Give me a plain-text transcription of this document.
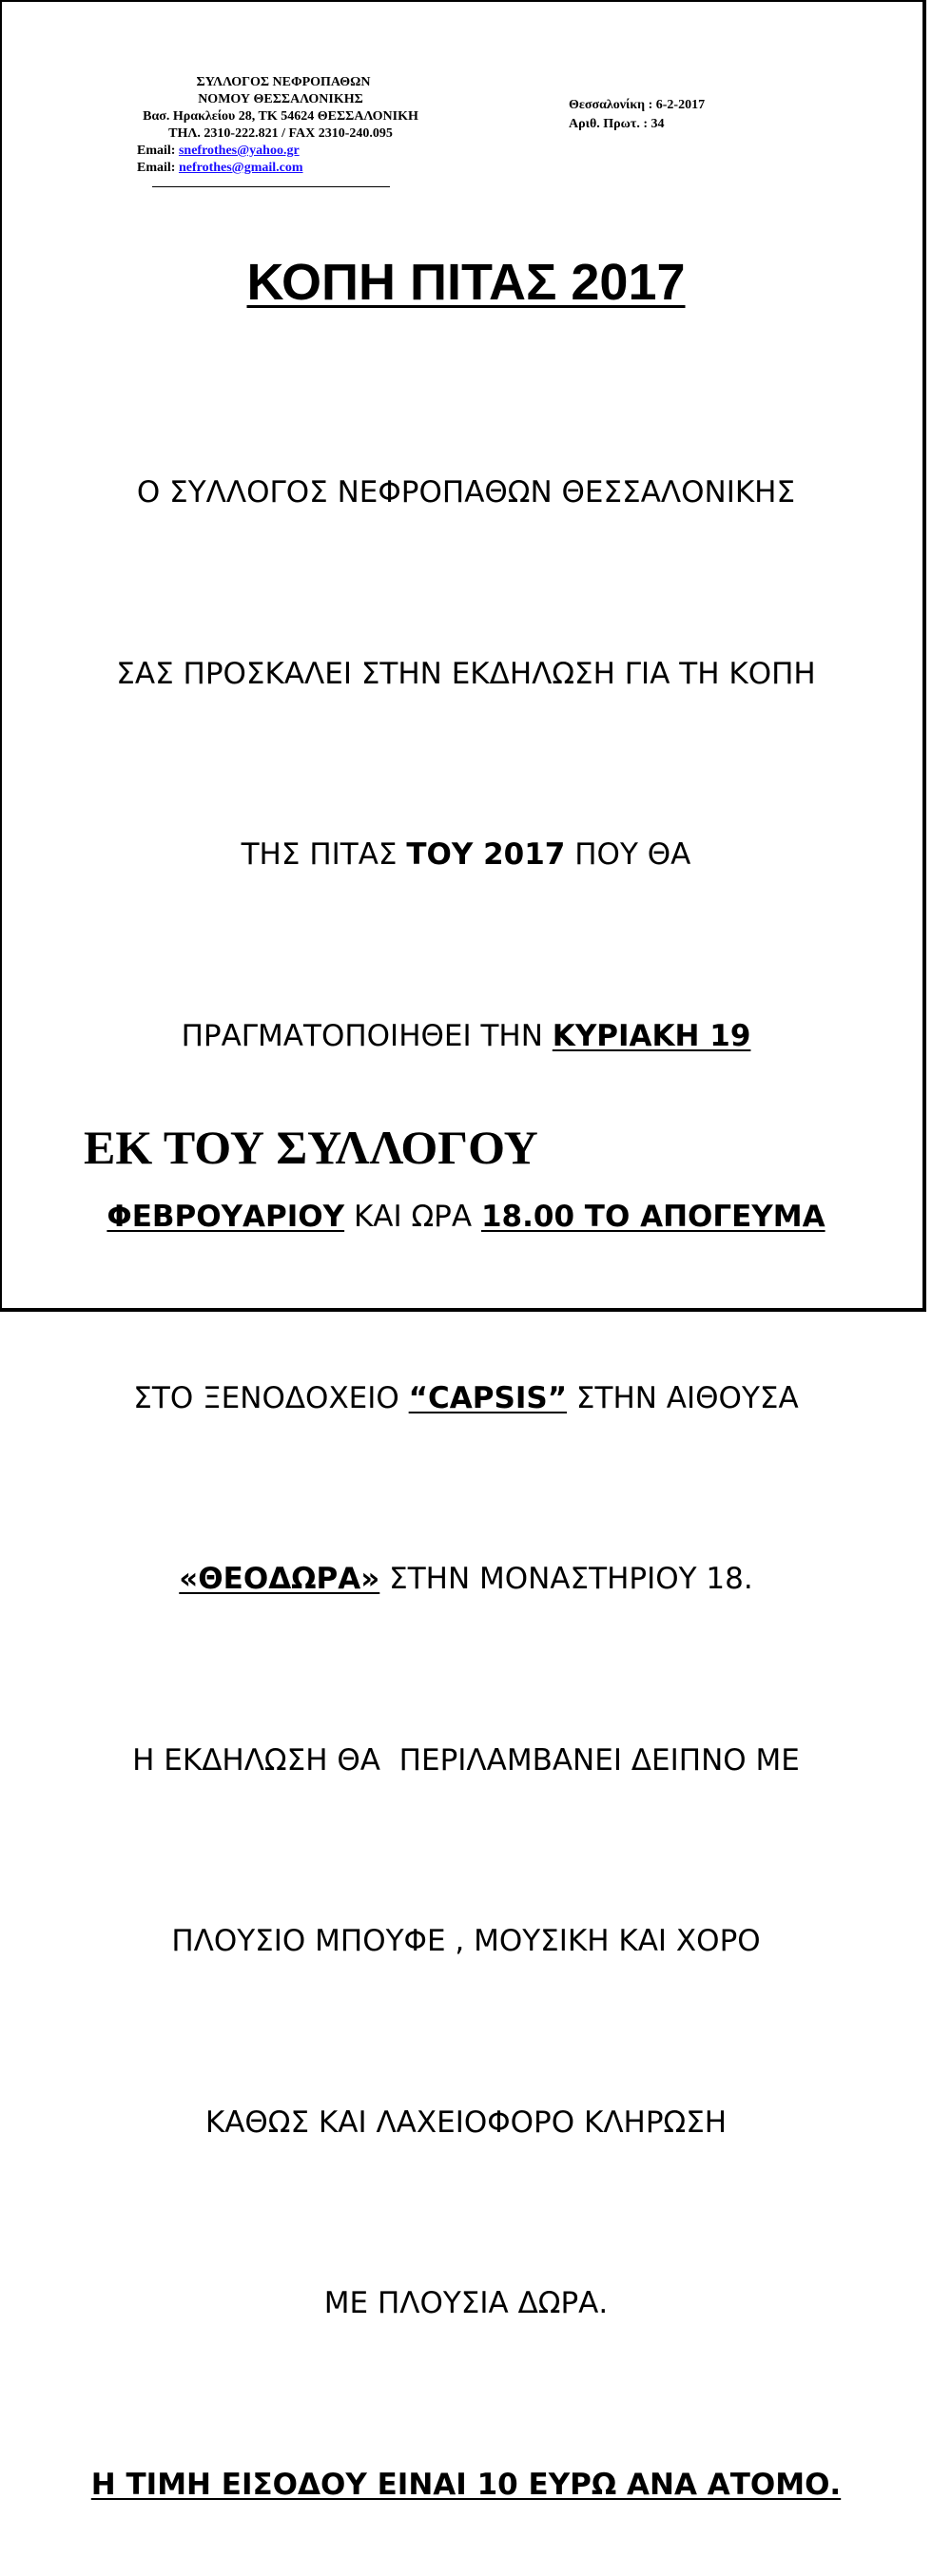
ΣΥΛΛΟΓΟΣ ΝΕΦΡΟΠΑΘΩΝ
ΝΟΜΟΥ ΘΕΣΣΑΛΟΝΙΚΗΣ
Βασ. Ηρακλείου 28, ΤΚ 54624 ΘΕΣΣΑΛΟΝΙΚΗ
ΤΗΛ. 2310-222.821 / FAX 2310-240.095
Email: snefrothes@yahoo.gr
Email: nefrothes@gmail.com
Θεσσαλονίκη : 6-2-2017
Αριθ. Πρωτ. : 34
ΚΟΠΗ ΠΙΤΑΣ 2017

Ο ΣΥΛΛΟΓΟΣ ΝΕΦΡΟΠΑΘΩΝ ΘΕΣΣΑΛΟΝΙΚΗΣ

ΣΑΣ ΠΡΟΣΚΑΛΕΙ ΣΤΗΝ ΕΚΔΗΛΩΣΗ ΓΙΑ ΤΗ ΚΟΠΗ

ΤΗΣ ΠΙΤΑΣ ΤΟΥ 2017 ΠΟΥ ΘΑ

ΠΡΑΓΜΑΤΟΠΟΙΗΘΕΙ ΤΗΝ ΚΥΡΙΑΚΗ 19

ΦΕΒΡΟΥΑΡΙΟΥ ΚΑΙ ΩΡΑ 18.00 ΤΟ ΑΠΟΓΕΥΜΑ

ΣΤΟ ΞΕΝΟΔΟΧΕΙΟ “CAPSIS” ΣΤΗΝ ΑΙΘΟΥΣΑ

«ΘΕΟΔΩΡΑ» ΣΤΗΝ ΜΟΝΑΣΤΗΡΙΟΥ 18.

Η ΕΚΔΗΛΩΣΗ ΘΑ  ΠΕΡΙΛΑΜΒΑΝΕΙ ΔΕΙΠΝΟ ΜΕ

ΠΛΟΥΣΙΟ ΜΠΟΥΦΕ , ΜΟΥΣΙΚΗ ΚΑΙ ΧΟΡΟ

ΚΑΘΩΣ ΚΑΙ ΛΑΧΕΙΟΦΟΡΟ ΚΛΗΡΩΣΗ

ΜΕ ΠΛΟΥΣΙΑ ΔΩΡΑ.

Η ΤΙΜΗ ΕΙΣΟΔΟΥ ΕΙΝΑΙ 10 ΕΥΡΩ ΑΝΑ ΑΤΟΜΟ.

ΕΚ ΤΟΥ ΣΥΛΛΟΓΟΥ
